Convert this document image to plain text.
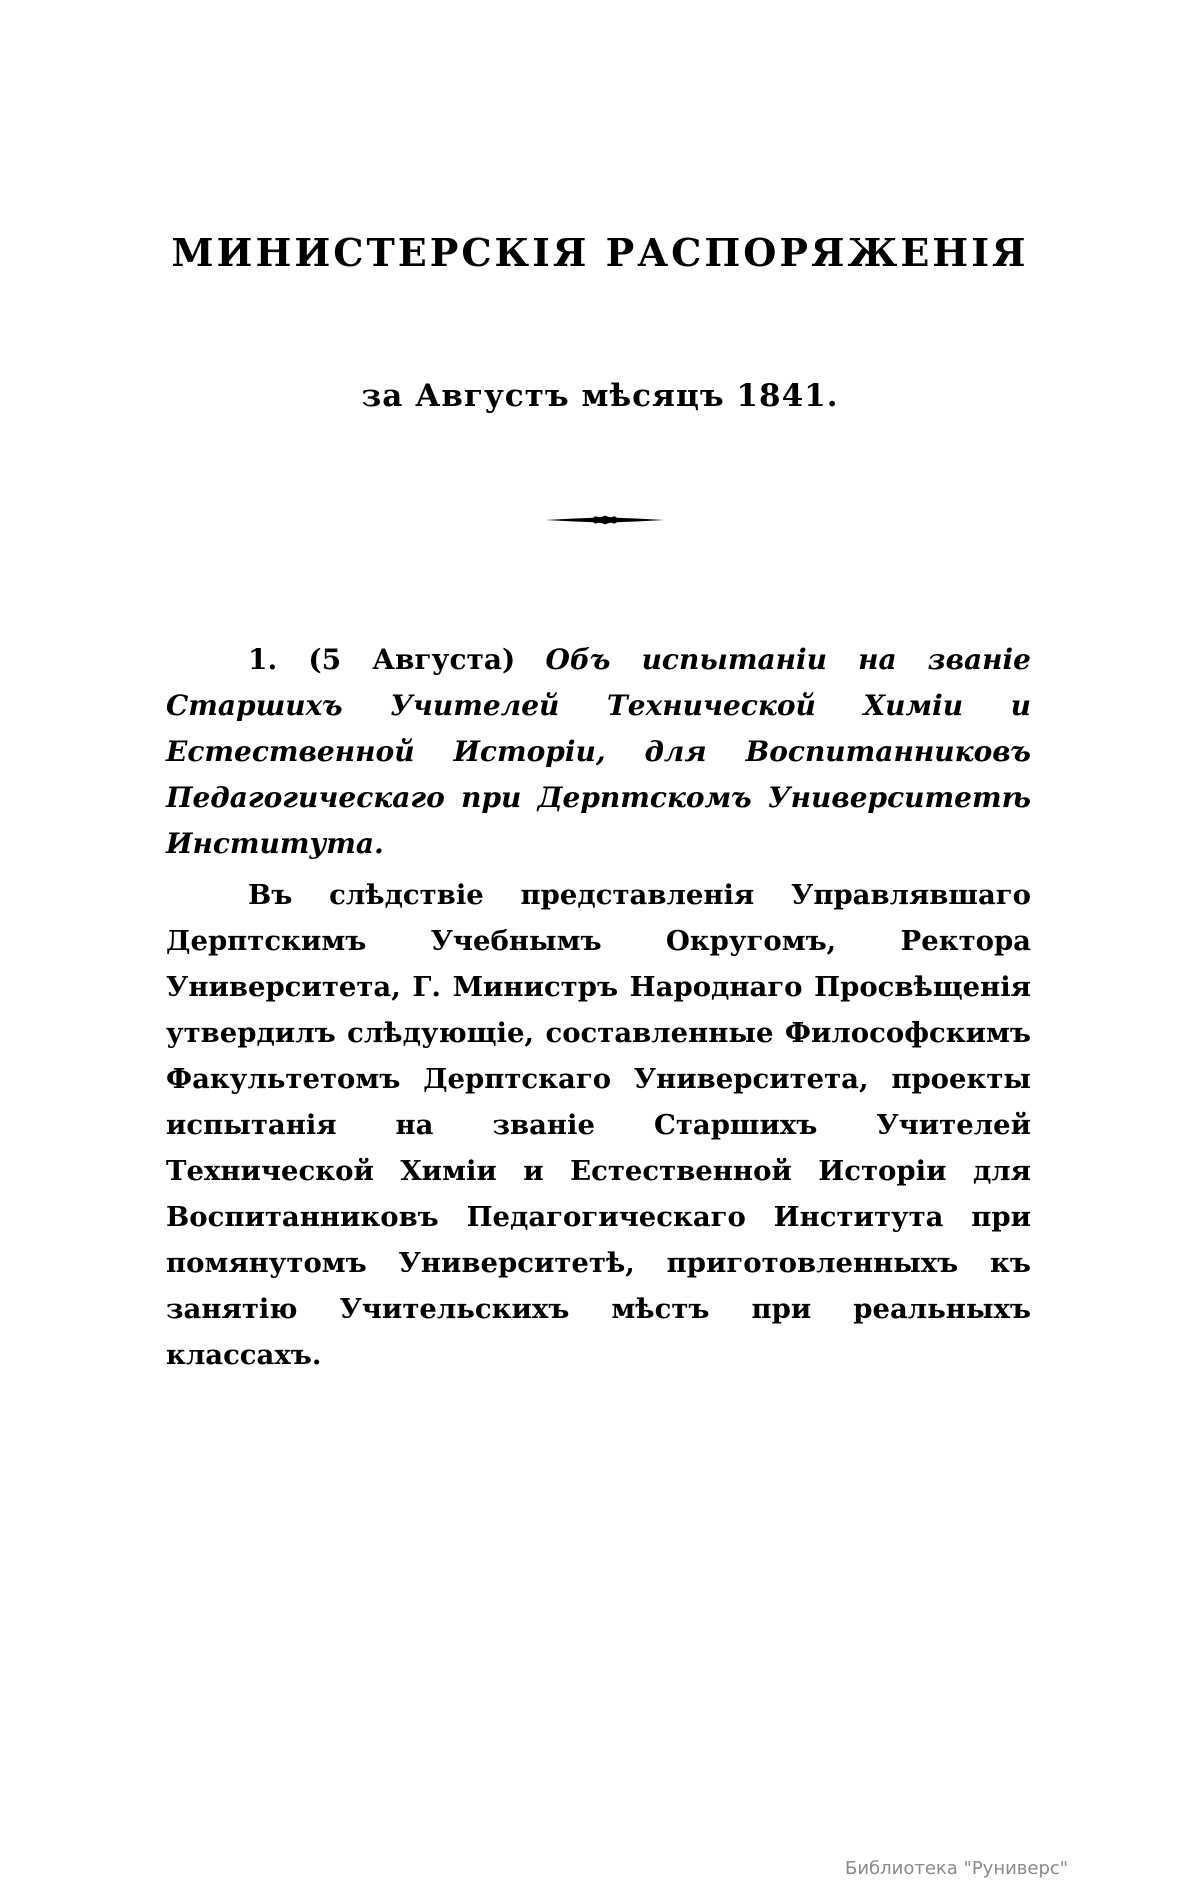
МИНИСТЕРСКІЯ РАСПОРЯЖЕНІЯ
за Августъ мѣсяцъ 1841.
1. (5 Августа) Объ испытаніи на званіе Старшихъ Учителей Технической Химіи и Естественной Исторіи, для Воспитанниковъ Педагогическаго при Дерптскомъ Университетѣ Института.

Въ слѣдствіе представленія Управлявшаго Дерптскимъ Учебнымъ Округомъ, Ректора Университета, Г. Министръ Народнаго Просвѣщенія утвердилъ слѣдующіе, составленные Философскимъ Факультетомъ Дерптскаго Университета, проекты испытанія на званіе Старшихъ Учителей Технической Химіи и Естественной Исторіи для Воспитанниковъ Педагогическаго Института при помянутомъ Университетѣ, приготовленныхъ къ занятію Учительскихъ мѣстъ при реальныхъ классахъ.

Библиотека "Руниверс"
